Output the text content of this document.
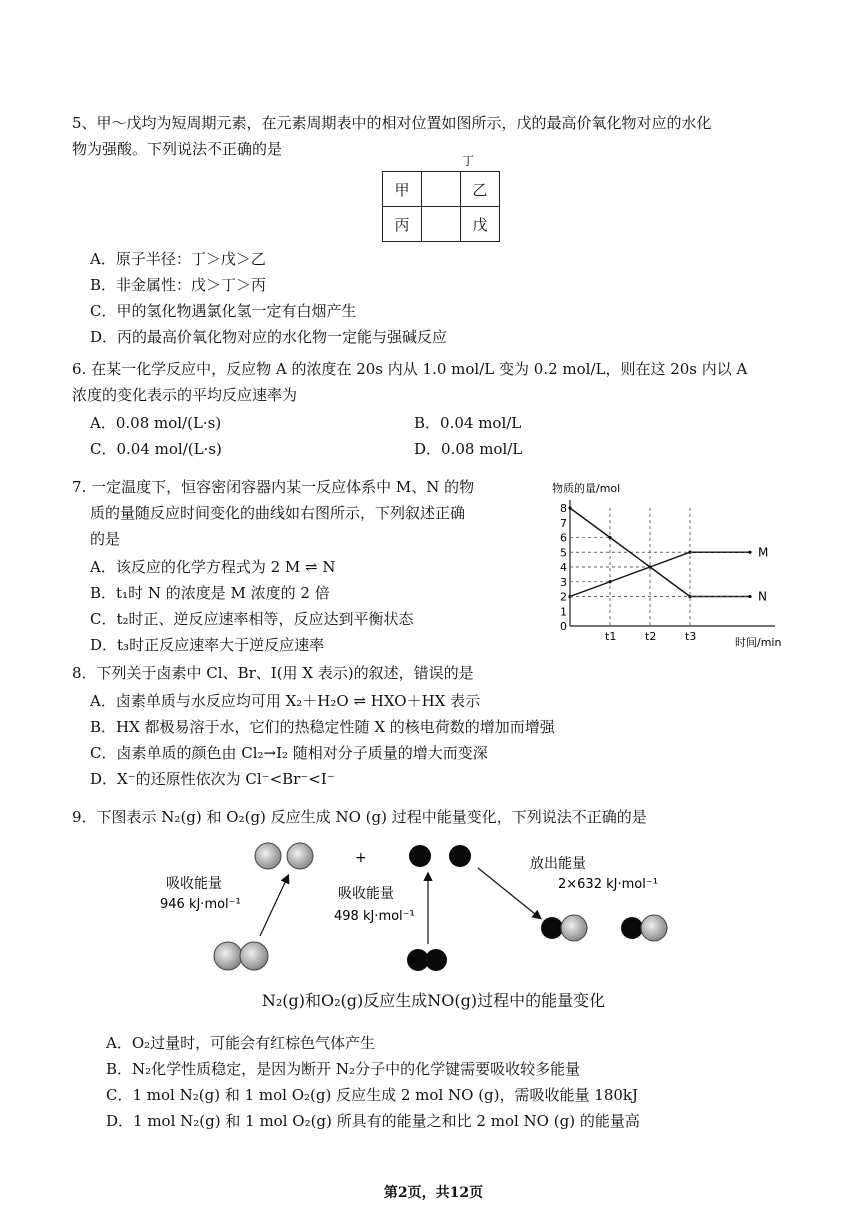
5、甲～戊均为短周期元素，在元素周期表中的相对位置如图所示，戊的最高价氧化物对应的水化
物为强酸。下列说法不正确的是
丁
甲		乙
丙		戊
A．原子半径：丁＞戊＞乙
B．非金属性：戊＞丁＞丙
C．甲的氢化物遇氯化氢一定有白烟产生
D．丙的最高价氧化物对应的水化物一定能与强碱反应
6. 在某一化学反应中，反应物 A 的浓度在 20s 内从 1.0 mol/L 变为 0.2 mol/L，则在这 20s 内以 A
浓度的变化表示的平均反应速率为
A．0.08 mol/(L·s)	B．0.04 mol/L
C．0.04 mol/(L·s)	D．0.08 mol/L
7. 一定温度下，恒容密闭容器内某一反应体系中 M、N 的物
质的量随反应时间变化的曲线如右图所示，下列叙述正确
的是
A．该反应的化学方程式为 2 M ⇌ N
B．t₁时 N 的浓度是 M 浓度的 2 倍
C．t₂时正、逆反应速率相等，反应达到平衡状态
D．t₃时正反应速率大于逆反应速率
物质的量/mol
时间/min
0
1
2
3
4
5
6
7
8
t1	t2	t3
M
N
8．下列关于卤素中 Cl、Br、I(用 X 表示)的叙述，错误的是
A．卤素单质与水反应均可用 X₂＋H₂O ⇌ HXO＋HX 表示
B．HX 都极易溶于水，它们的热稳定性随 X 的核电荷数的增加而增强
C．卤素单质的颜色由 Cl₂→I₂ 随相对分子质量的增大而变深
D．X⁻的还原性依次为 Cl⁻<Br⁻<I⁻
9．下图表示 N₂(g) 和 O₂(g) 反应生成 NO (g) 过程中能量变化，下列说法不正确的是
+
吸收能量
946 kJ·mol⁻¹
吸收能量
498 kJ·mol⁻¹
放出能量
2×632 kJ·mol⁻¹
N₂(g)和O₂(g)反应生成NO(g)过程中的能量变化
A．O₂过量时，可能会有红棕色气体产生
B．N₂化学性质稳定，是因为断开 N₂分子中的化学键需要吸收较多能量
C．1 mol N₂(g) 和 1 mol O₂(g) 反应生成 2 mol NO (g)，需吸收能量 180kJ
D．1 mol N₂(g) 和 1 mol O₂(g) 所具有的能量之和比 2 mol NO (g) 的能量高
第2页，共12页
